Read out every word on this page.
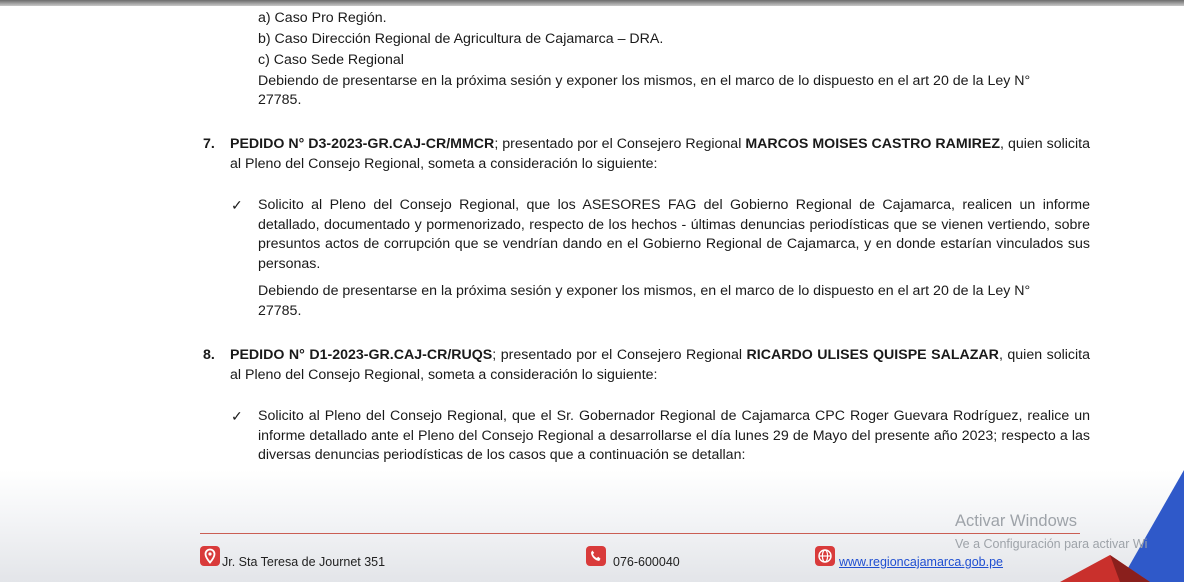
a) Caso Pro Región.
b) Caso Dirección Regional de Agricultura de Cajamarca – DRA.
c) Caso Sede Regional
Debiendo de presentarse en la próxima sesión y exponer los mismos, en el marco de lo dispuesto en el art 20 de la Ley N°
27785.
7. PEDIDO N° D3-2023-GR.CAJ-CR/MMCR; presentado por el Consejero Regional MARCOS MOISES CASTRO RAMIREZ, quien solicita al Pleno del Consejo Regional, someta a consideración lo siguiente:
✓ Solicito al Pleno del Consejo Regional, que los ASESORES FAG del Gobierno Regional de Cajamarca, realicen un informe detallado, documentado y pormenorizado, respecto de los hechos - últimas denuncias periodísticas que se vienen vertiendo, sobre presuntos actos de corrupción que se vendrían dando en el Gobierno Regional de Cajamarca, y en donde estarían vinculados sus personas.
Debiendo de presentarse en la próxima sesión y exponer los mismos, en el marco de lo dispuesto en el art 20 de la Ley N°
27785.
8. PEDIDO N° D1-2023-GR.CAJ-CR/RUQS; presentado por el Consejero Regional RICARDO ULISES QUISPE SALAZAR, quien solicita al Pleno del Consejo Regional, someta a consideración lo siguiente:
✓ Solicito al Pleno del Consejo Regional, que el Sr. Gobernador Regional de Cajamarca CPC Roger Guevara Rodríguez, realice un informe detallado ante el Pleno del Consejo Regional a desarrollarse el día lunes 29 de Mayo del presente año 2023; respecto a las diversas denuncias periodísticas de los casos que a continuación se detallan:
Jr. Sta Teresa de Journet 351	076-600040	www.regioncajamarca.gob.pe
Activar Windows
Ve a Configuración para activar Wi
